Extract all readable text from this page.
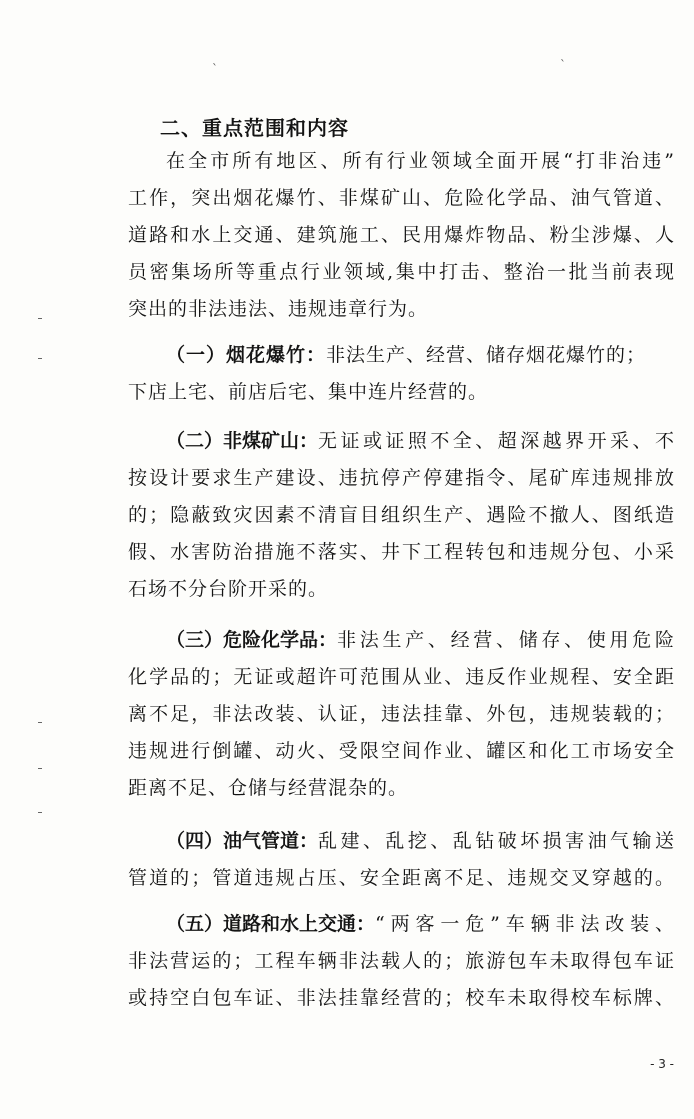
`	`
二、重点范围和内容
在全市所有地区、所有行业领域全面开展“打非治违”
工作，突出烟花爆竹、非煤矿山、危险化学品、油气管道、
道路和水上交通、建筑施工、民用爆炸物品、粉尘涉爆、人
员密集场所等重点行业领域,集中打击、整治一批当前表现
突出的非法违法、违规违章行为。
（一）烟花爆竹： 非法生产、经营、储存烟花爆竹的；
下店上宅、前店后宅、集中连片经营的。
（二）非煤矿山： 无证或证照不全、超深越界开采、不
按设计要求生产建设、违抗停产停建指令、尾矿库违规排放
的；隐蔽致灾因素不清盲目组织生产、遇险不撤人、图纸造
假、水害防治措施不落实、井下工程转包和违规分包、小采
石场不分台阶开采的。
（三）危险化学品： 非法生产、经营、储存、使用危险
化学品的；无证或超许可范围从业、违反作业规程、安全距
离不足，非法改装、认证，违法挂靠、外包，违规装载的；
违规进行倒罐、动火、受限空间作业、罐区和化工市场安全
距离不足、仓储与经营混杂的。
（四）油气管道： 乱建、乱挖、乱钻破坏损害油气输送
管道的；管道违规占压、安全距离不足、违规交叉穿越的。
（五）道路和水上交通： “两客一危”车辆非法改装、
非法营运的；工程车辆非法载人的；旅游包车未取得包车证
或持空白包车证、非法挂靠经营的；校车未取得校车标牌、
- 3 -
